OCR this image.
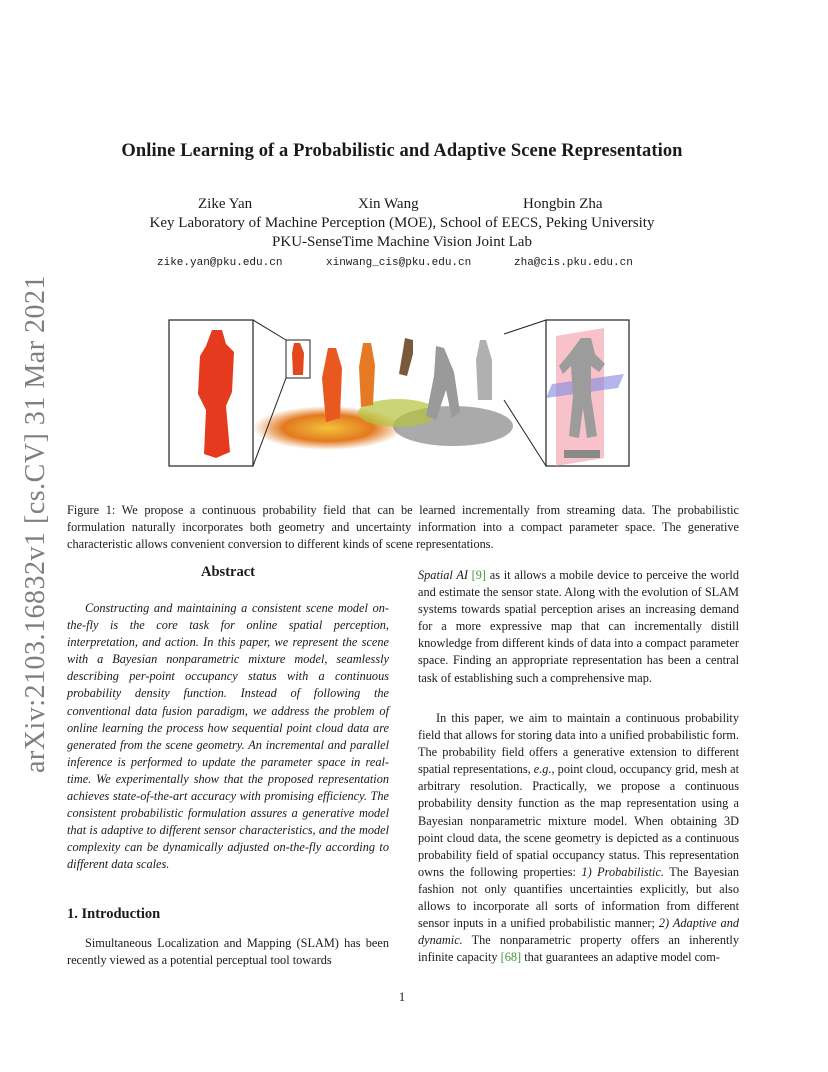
Online Learning of a Probabilistic and Adaptive Scene Representation
Zike Yan	Xin Wang	Hongbin Zha
Key Laboratory of Machine Perception (MOE), School of EECS, Peking University
PKU-SenseTime Machine Vision Joint Lab
zike.yan@pku.edu.cn	xinwang_cis@pku.edu.cn	zha@cis.pku.edu.cn
arXiv:2103.16832v1 [cs.CV] 31 Mar 2021 Figure 1: We propose a continuous probability field that can be learned incrementally from streaming data. The probabilistic formulation naturally incorporates both geometry and uncertainty information into a compact parameter space. The generative characteristic allows convenient conversion to different kinds of scene representations.
Abstract
Constructing and maintaining a consistent scene model on-the-fly is the core task for online spatial perception, interpretation, and action. In this paper, we represent the scene with a Bayesian nonparametric mixture model, seamlessly describing per-point occupancy status with a continuous probability density function. Instead of following the conventional data fusion paradigm, we address the problem of online learning the process how sequential point cloud data are generated from the scene geometry. An incremental and parallel inference is performed to update the parameter space in real-time. We experimentally show that the proposed representation achieves state-of-the-art accuracy with promising efficiency. The consistent probabilistic formulation assures a generative model that is adaptive to different sensor characteristics, and the model complexity can be dynamically adjusted on-the-fly according to different data scales.
1. Introduction
Simultaneous Localization and Mapping (SLAM) has been recently viewed as a potential perceptual tool towards

Spatial AI [9] as it allows a mobile device to perceive the world and estimate the sensor state. Along with the evolution of SLAM systems towards spatial perception arises an increasing demand for a more expressive map that can incrementally distill knowledge from different kinds of data into a compact parameter space. Finding an appropriate representation has been a central task of establishing such a comprehensive map.

In this paper, we aim to maintain a continuous probability field that allows for storing data into a unified probabilistic form. The probability field offers a generative extension to different spatial representations, e.g., point cloud, occupancy grid, mesh at arbitrary resolution. Practically, we propose a continuous probability density function as the map representation using a Bayesian nonparametric mixture model. When obtaining 3D point cloud data, the scene geometry is depicted as a continuous probability field of spatial occupancy status. This representation owns the following properties: 1) Probabilistic. The Bayesian fashion not only quantifies uncertainties explicitly, but also allows to incorporate all sorts of information from different sensor inputs in a unified probabilistic manner; 2) Adaptive and dynamic. The nonparametric property offers an inherently infinite capacity [68] that guarantees an adaptive model com-

1
